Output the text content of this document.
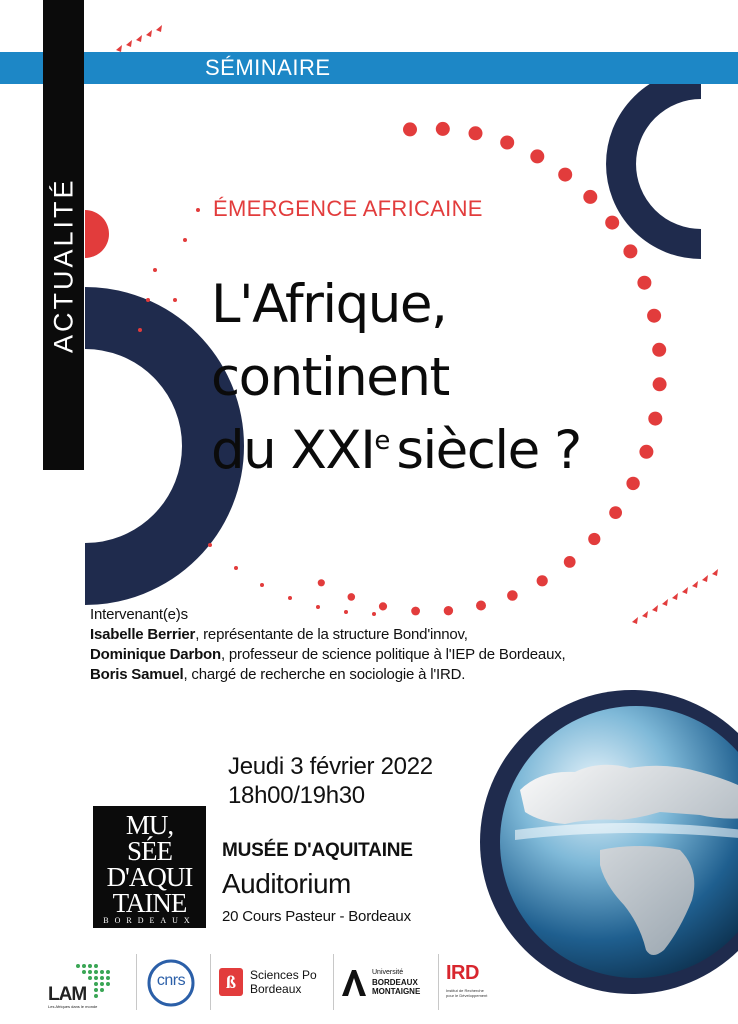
SÉMINAIRE
ACTUALITÉ	ÉMERGENCE AFRICAINE
L'Afrique,
continent
du XXIe siècle ?
Intervenant(e)s
Isabelle Berrier, représentante de la structure Bond'innov,
Dominique Darbon, professeur de science politique à l'IEP de Bordeaux,
Boris Samuel, chargé de recherche en sociologie à l'IRD.
Jeudi 3 février 2022
18h00/19h30
MU,
SÉE
D'AQUI
TAINE
BORDEAUX
MUSÉE D'AQUITAINE
Auditorium
20 Cours Pasteur - Bordeaux
LAM
Les Afriques dans le monde
cnrs	ß	Sciences Po
Bordeaux
Université
BORDEAUX
MONTAIGNE
IRD
Institut de Recherche
pour le Développement
